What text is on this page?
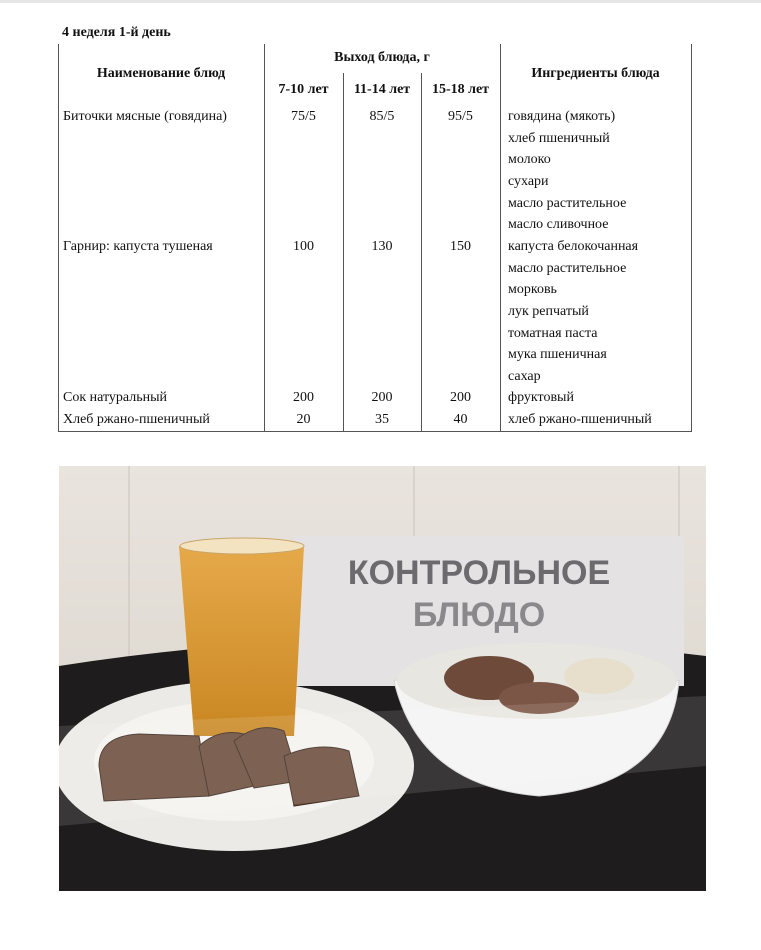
4 неделя 1-й день
Наименование блюд
Выход блюда, г
7-10 лет	11-14 лет	15-18 лет
Ингредиенты блюда
Биточки мясные (говядина)	75/5	85/5	95/5	говядина (мякоть)
хлеб пшеничный
молоко
сухари
масло растительное
масло сливочное
Гарнир: капуста тушеная	100	130	150	капуста белокочанная
масло растительное
морковь
лук репчатый
томатная паста
мука пшеничная
сахар
Сок натуральный	200	200	200	фруктовый
Хлеб ржано-пшеничный	20	35	40	хлеб ржано-пшеничный
КОНТРОЛЬНОЕ
БЛЮДО
